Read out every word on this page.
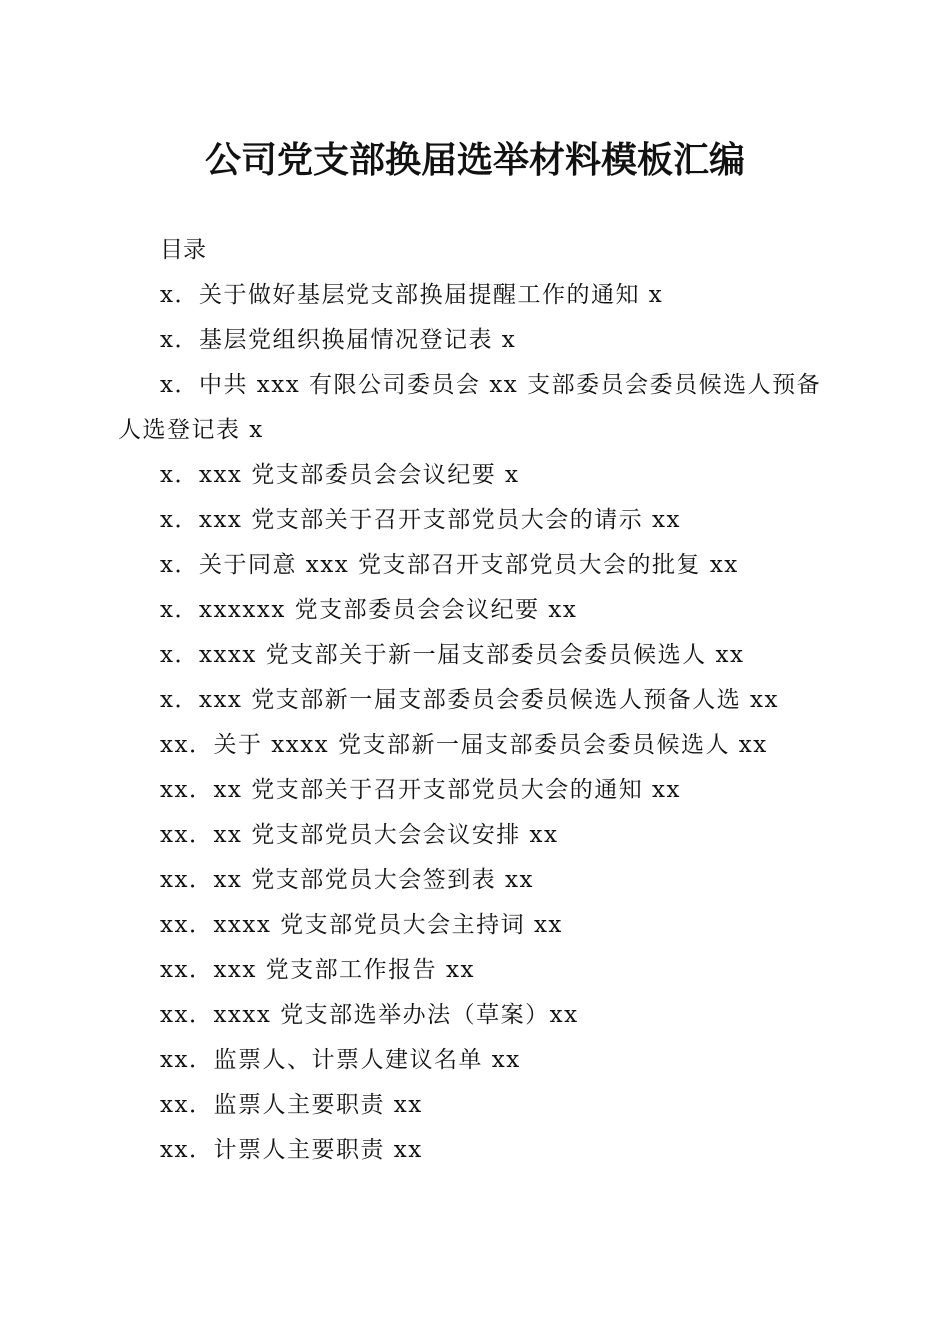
公司党支部换届选举材料模板汇编
目录
x．关于做好基层党支部换届提醒工作的通知 x
x．基层党组织换届情况登记表 x
x．中共 xxx 有限公司委员会 xx 支部委员会委员候选人预备人选登记表 x
x．xxx 党支部委员会会议纪要 x
x．xxx 党支部关于召开支部党员大会的请示 xx
x．关于同意 xxx 党支部召开支部党员大会的批复 xx
x．xxxxxx 党支部委员会会议纪要 xx
x．xxxx 党支部关于新一届支部委员会委员候选人 xx
x．xxx 党支部新一届支部委员会委员候选人预备人选 xx
xx．关于 xxxx 党支部新一届支部委员会委员候选人 xx
xx．xx 党支部关于召开支部党员大会的通知 xx
xx．xx 党支部党员大会会议安排 xx
xx．xx 党支部党员大会签到表 xx
xx．xxxx 党支部党员大会主持词 xx
xx．xxx 党支部工作报告 xx
xx．xxxx 党支部选举办法（草案）xx
xx．监票人、计票人建议名单 xx
xx．监票人主要职责 xx
xx．计票人主要职责 xx
